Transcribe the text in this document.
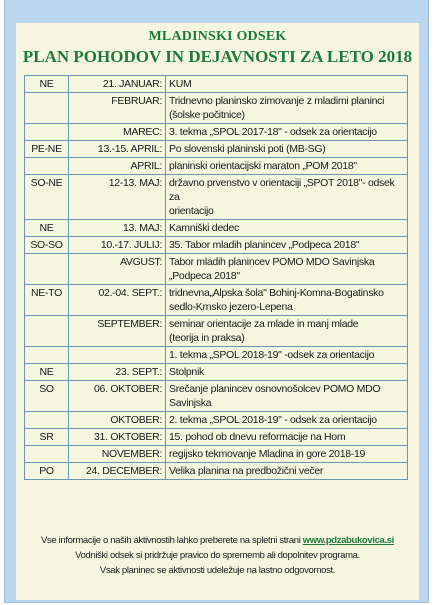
MLADINSKI ODSEK
PLAN POHODOV IN DEJAVNOSTI ZA LETO 2018
NE	21. JANUAR:	KUM

	FEBRUAR:	Tridnevno planinsko zimovanje z mladimi planinci
(šolske počitnice)

	MAREC:	3. tekma „SPOL 2017-18" - odsek za orientacijo

PE-NE	13.-15. APRIL:	Po slovenski planinski poti (MB-SG)

	APRIL:	planinski orientacijski maraton „POM 2018"

SO-NE	12-13. MAJ:	državno prvenstvo v orientaciji „SPOT 2018"- odsek za
orientacijo

NE	13. MAJ:	Kamniški dedec

SO-SO	10.-17. JULIJ:	35. Tabor mladih planincev „Podpeca 2018"

	AVGUST:	Tabor mladih planincev POMO MDO Savinjska
„Podpeca 2018"

NE-TO	02.-04. SEPT.:	tridnevna„Alpska šola" Bohinj-Komna-Bogatinsko
sedlo-Krnsko jezero-Lepena

	SEPTEMBER:	seminar orientacije za mlade in manj mlade
(teorija in praksa)

		1. tekma „SPOL 2018-19" -odsek za orientacijo

NE	23. SEPT.:	Stolpnik

SO	06. OKTOBER:	Srečanje planincev osnovnošolcev POMO MDO Savinjska

	OKTOBER:	2. tekma „SPOL 2018-19" - odsek za orientacijo

SR	31. OKTOBER:	15. pohod ob dnevu reformacije na Hom

	NOVEMBER:	regijsko tekmovanje Mladina in gore 2018-19

PO	24. DECEMBER:	Velika planina na predbožični večer
Vse informacije o naših aktivnostih lahko preberete na spletni strani www.pdzabukovica.si
Vodniški odsek si pridržuje pravico do sprememb ali dopolnitev programa.
Vsak planinec se aktivnosti udeležuje na lastno odgovornost.
